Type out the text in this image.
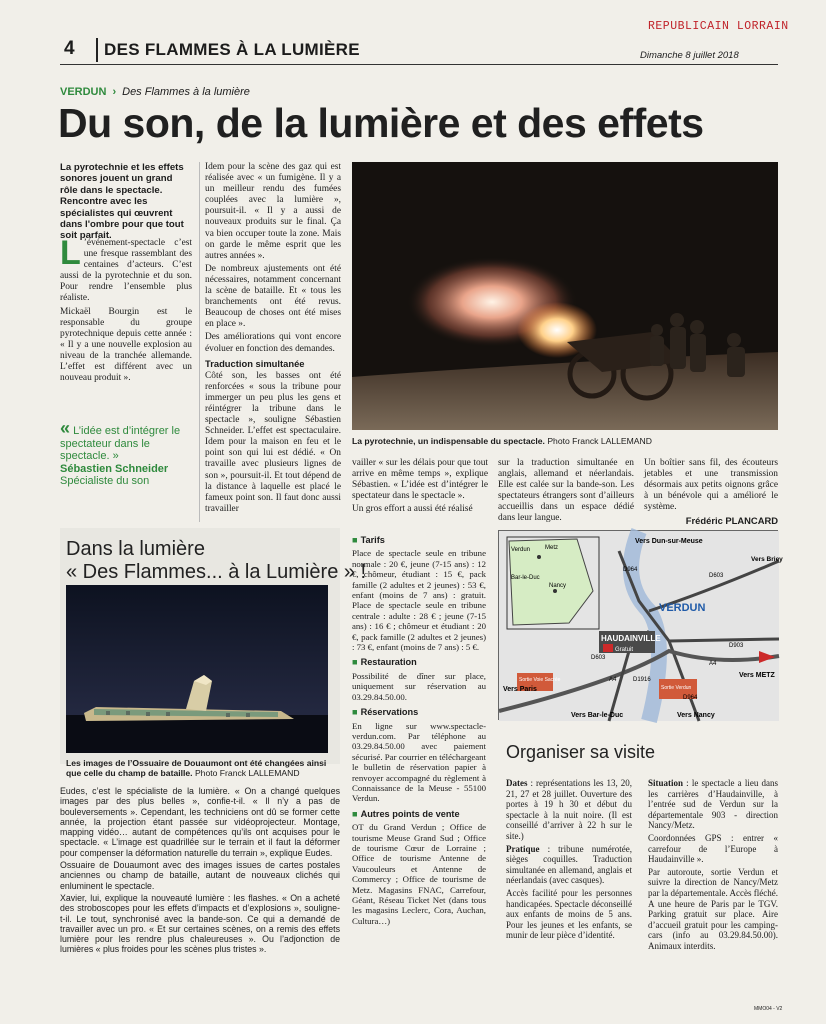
REPUBLICAIN LORRAIN
4 DES FLAMMES À LA LUMIÈRE	Dimanche 8 juillet 2018
VERDUN › Des Flammes à la lumière
Du son, de la lumière et des effets
La pyrotechnie et les effets sonores jouent un grand rôle dans le spectacle. Rencontre avec les spécialistes qui œuvrent dans l'ombre pour que tout soit parfait.
L ’événement-spectacle c’est une fresque rassemblant des centaines d’acteurs. C’est aussi de la pyrotechnie et du son. Pour rendre l’ensemble plus réaliste.

Mickaël Bourgin est le responsable du groupe pyrotechnique depuis cette année : « Il y a une nouvelle explosion au niveau de la tranchée allemande. L’effet est différent avec un nouveau produit ».

« L’idée est d’intégrer le spectateur dans le spectacle. »
Sébastien Schneider
Spécialiste du son

Idem pour la scène des gaz qui est réalisée avec « un fumigène. Il y a un meilleur rendu des fumées couplées avec la lumière », poursuit-il. « Il y a aussi de nouveaux produits sur le final. Ça va bien occuper toute la zone. Mais on garde le même esprit que les autres années ».

De nombreux ajustements ont été nécessaires, notamment concernant la scène de bataille. Et « tous les branchements ont été revus. Beaucoup de choses ont été mises en place ».

Des améliorations qui vont encore évoluer en fonction des demandes.

Traduction simultanée

Côté son, les basses ont été renforcées « sous la tribune pour immerger un peu plus les gens et réintégrer la tribune dans le spectacle », souligne Sébastien Schneider. L’effet est spectaculaire. Idem pour la maison en feu et le point son qui lui est dédié. « On travaille avec plusieurs lignes de son », poursuit-il. Et tout dépend de la distance à laquelle est placé le fameux point son. Il faut donc aussi travailler

La pyrotechnie, un indispensable du spectacle. Photo Franck LALLEMAND

vailler « sur les délais pour que tout arrive en même temps », explique Sébastien. « L’idée est d’intégrer le spectateur dans le spectacle ».

Un gros effort a aussi été réalisé

sur la traduction simultanée en anglais, allemand et néerlandais. Elle est calée sur la bande-son. Les spectateurs étrangers sont d’ailleurs accueillis dans un espace dédié dans leur langue.

Un boîtier sans fil, des écouteurs jetables et une transmission désormais aux petits oignons grâce à un bénévole qui a amélioré le système.

Frédéric PLANCARD

Dans la lumière
« Des Flammes... à la Lumière » !
Les images de l’Ossuaire de Douaumont ont été changées ainsi que celle du champ de bataille. Photo Franck LALLEMAND

Eudes, c’est le spécialiste de la lumière. « On a changé quelques images par des plus belles », confie-t-il. « Il n’y a pas de bouleversements ». Cependant, les techniciens ont dû se former cette année, la projection étant passée sur vidéoprojecteur. Montage, mapping vidéo… autant de compétences qu’ils ont acquises pour le spectacle. « L’image est quadrillée sur le terrain et il faut la déformer pour compenser la déformation naturelle du terrain », explique Eudes.

Ossuaire de Douaumont avec des images issues de cartes postales anciennes ou champ de bataille, autant de nouveaux clichés qui enluminent le spectacle.

Xavier, lui, explique la nouveauté lumière : les flashes. « On a acheté des stroboscopes pour les effets d’impacts et d’explosions », souligne-t-il. Le tout, synchronisé avec la bande-son. Ce qui a demandé de travailler avec un pro. « Et sur certaines scènes, on a remis des effets lumière pour les rendre plus chaleureuses ». Ou l’adjonction de lumières « plus froides pour les scènes plus tristes ».

■ Tarifs

Place de spectacle seule en tribune normale : 20 €, jeune (7-15 ans) : 12 €, chômeur, étudiant : 15 €, pack famille (2 adultes et 2 jeunes) : 53 €, enfant (moins de 7 ans) : gratuit. Place de spectacle seule en tribune centrale : adulte : 28 € ; jeune (7-15 ans) : 16 € ; chômeur et étudiant : 20 €, pack famille (2 adultes et 2 jeunes) : 73 €, enfant (moins de 7 ans) : 5 €.

■ Restauration

Possibilité de dîner sur place, uniquement sur réservation au 03.29.84.50.00.

■ Réservations

En ligne sur www.spectacle-verdun.com. Par téléphone au 03.29.84.50.00 avec paiement sécurisé. Par courrier en téléchargeant le bulletin de réservation papier à renvoyer accompagné du règlement à Connaissance de la Meuse - 55100 Verdun.

■ Autres points de vente

OT du Grand Verdun ; Office de tourisme Meuse Grand Sud ; Office de tourisme Cœur de Lorraine ; Office de tourisme Antenne de Vaucouleurs et Antenne de Commercy ; Office de tourisme de Metz. Magasins FNAC, Carrefour, Géant, Réseau Ticket Net (dans tous les magasins Leclerc, Cora, Auchan, Cultura…)

Verdun Metz
Nancy
Bar-le-Duc
Vers Dun-sur-Meuse
Vers Briey
VERDUN
HAUDAINVILLE
Gratuit
Vers Paris
Vers METZ
Vers Bar-le-Duc	Vers Nancy
Sortie Voie Sacrée
Sortie Verdun
A4
A4
D964
D903
D603
D603
D1916
D964
Organiser sa visite

Dates : représentations les 13, 20, 21, 27 et 28 juillet. Ouverture des portes à 19 h 30 et début du spectacle à la nuit noire. (Il est conseillé d’arriver à 22 h sur le site.)

Pratique : tribune numérotée, sièges coquilles. Traduction simultanée en allemand, anglais et néerlandais (avec casques).

Accès facilité pour les personnes handicapées. Spectacle déconseillé aux enfants de moins de 5 ans. Pour les jeunes et les enfants, se munir de leur pièce d’identité.

Situation : le spectacle a lieu dans les carrières d’Haudainville, à l’entrée sud de Verdun sur la départementale 903 - direction Nancy/Metz.

Coordonnées GPS : entrer « carrefour de l’Europe à Haudainville ».

Par autoroute, sortie Verdun et suivre la direction de Nancy/Metz par la départementale. Accès fléché. A une heure de Paris par le TGV. Parking gratuit sur place. Aire d’accueil gratuit pour les camping-cars (info au 03.29.84.50.00). Animaux interdits.

MMO04 - V2
